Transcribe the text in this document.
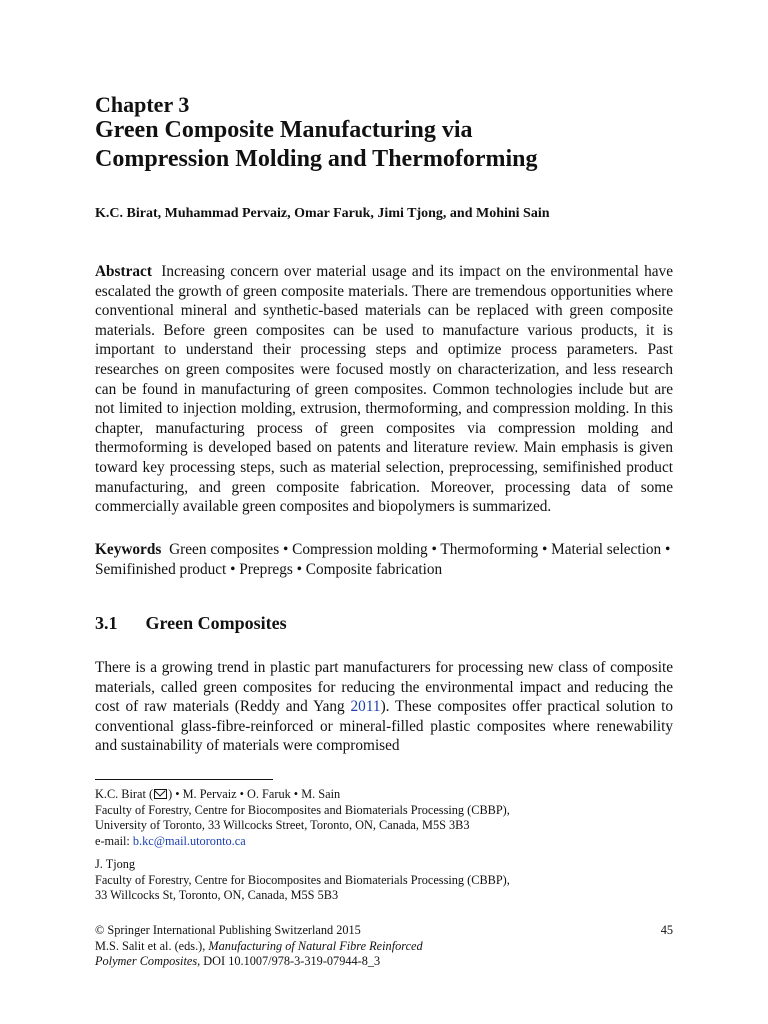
Chapter 3
Green Composite Manufacturing via
Compression Molding and Thermoforming
K.C. Birat, Muhammad Pervaiz, Omar Faruk, Jimi Tjong, and Mohini Sain
Abstract Increasing concern over material usage and its impact on the environmental have escalated the growth of green composite materials. There are tremendous opportunities where conventional mineral and synthetic-based materials can be replaced with green composite materials. Before green composites can be used to manufacture various products, it is important to understand their processing steps and optimize process parameters. Past researches on green composites were focused mostly on characterization, and less research can be found in manufacturing of green composites. Common technologies include but are not limited to injection molding, extrusion, thermoforming, and compression molding. In this chapter, manufacturing process of green composites via compression molding and thermoforming is developed based on patents and literature review. Main emphasis is given toward key processing steps, such as material selection, preprocessing, semifinished product manufacturing, and green composite fabrication. Moreover, processing data of some commercially available green composites and biopolymers is summarized.
Keywords Green composites • Compression molding • Thermoforming • Material selection • Semifinished product • Prepregs • Composite fabrication
3.1 Green Composites
There is a growing trend in plastic part manufacturers for processing new class of composite materials, called green composites for reducing the environmental impact and reducing the cost of raw materials (Reddy and Yang 2011). These composites offer practical solution to conventional glass-fibre-reinforced or mineral-filled plastic composites where renewability and sustainability of materials were compromised
K.C. Birat ( ) • M. Pervaiz • O. Faruk • M. Sain
Faculty of Forestry, Centre for Biocomposites and Biomaterials Processing (CBBP),
University of Toronto, 33 Willcocks Street, Toronto, ON, Canada, M5S 3B3
e-mail: b.kc@mail.utoronto.ca
J. Tjong
Faculty of Forestry, Centre for Biocomposites and Biomaterials Processing (CBBP),
33 Willcocks St, Toronto, ON, Canada, M5S 5B3
45
© Springer International Publishing Switzerland 2015
M.S. Salit et al. (eds.), Manufacturing of Natural Fibre Reinforced
Polymer Composites, DOI 10.1007/978-3-319-07944-8_3
